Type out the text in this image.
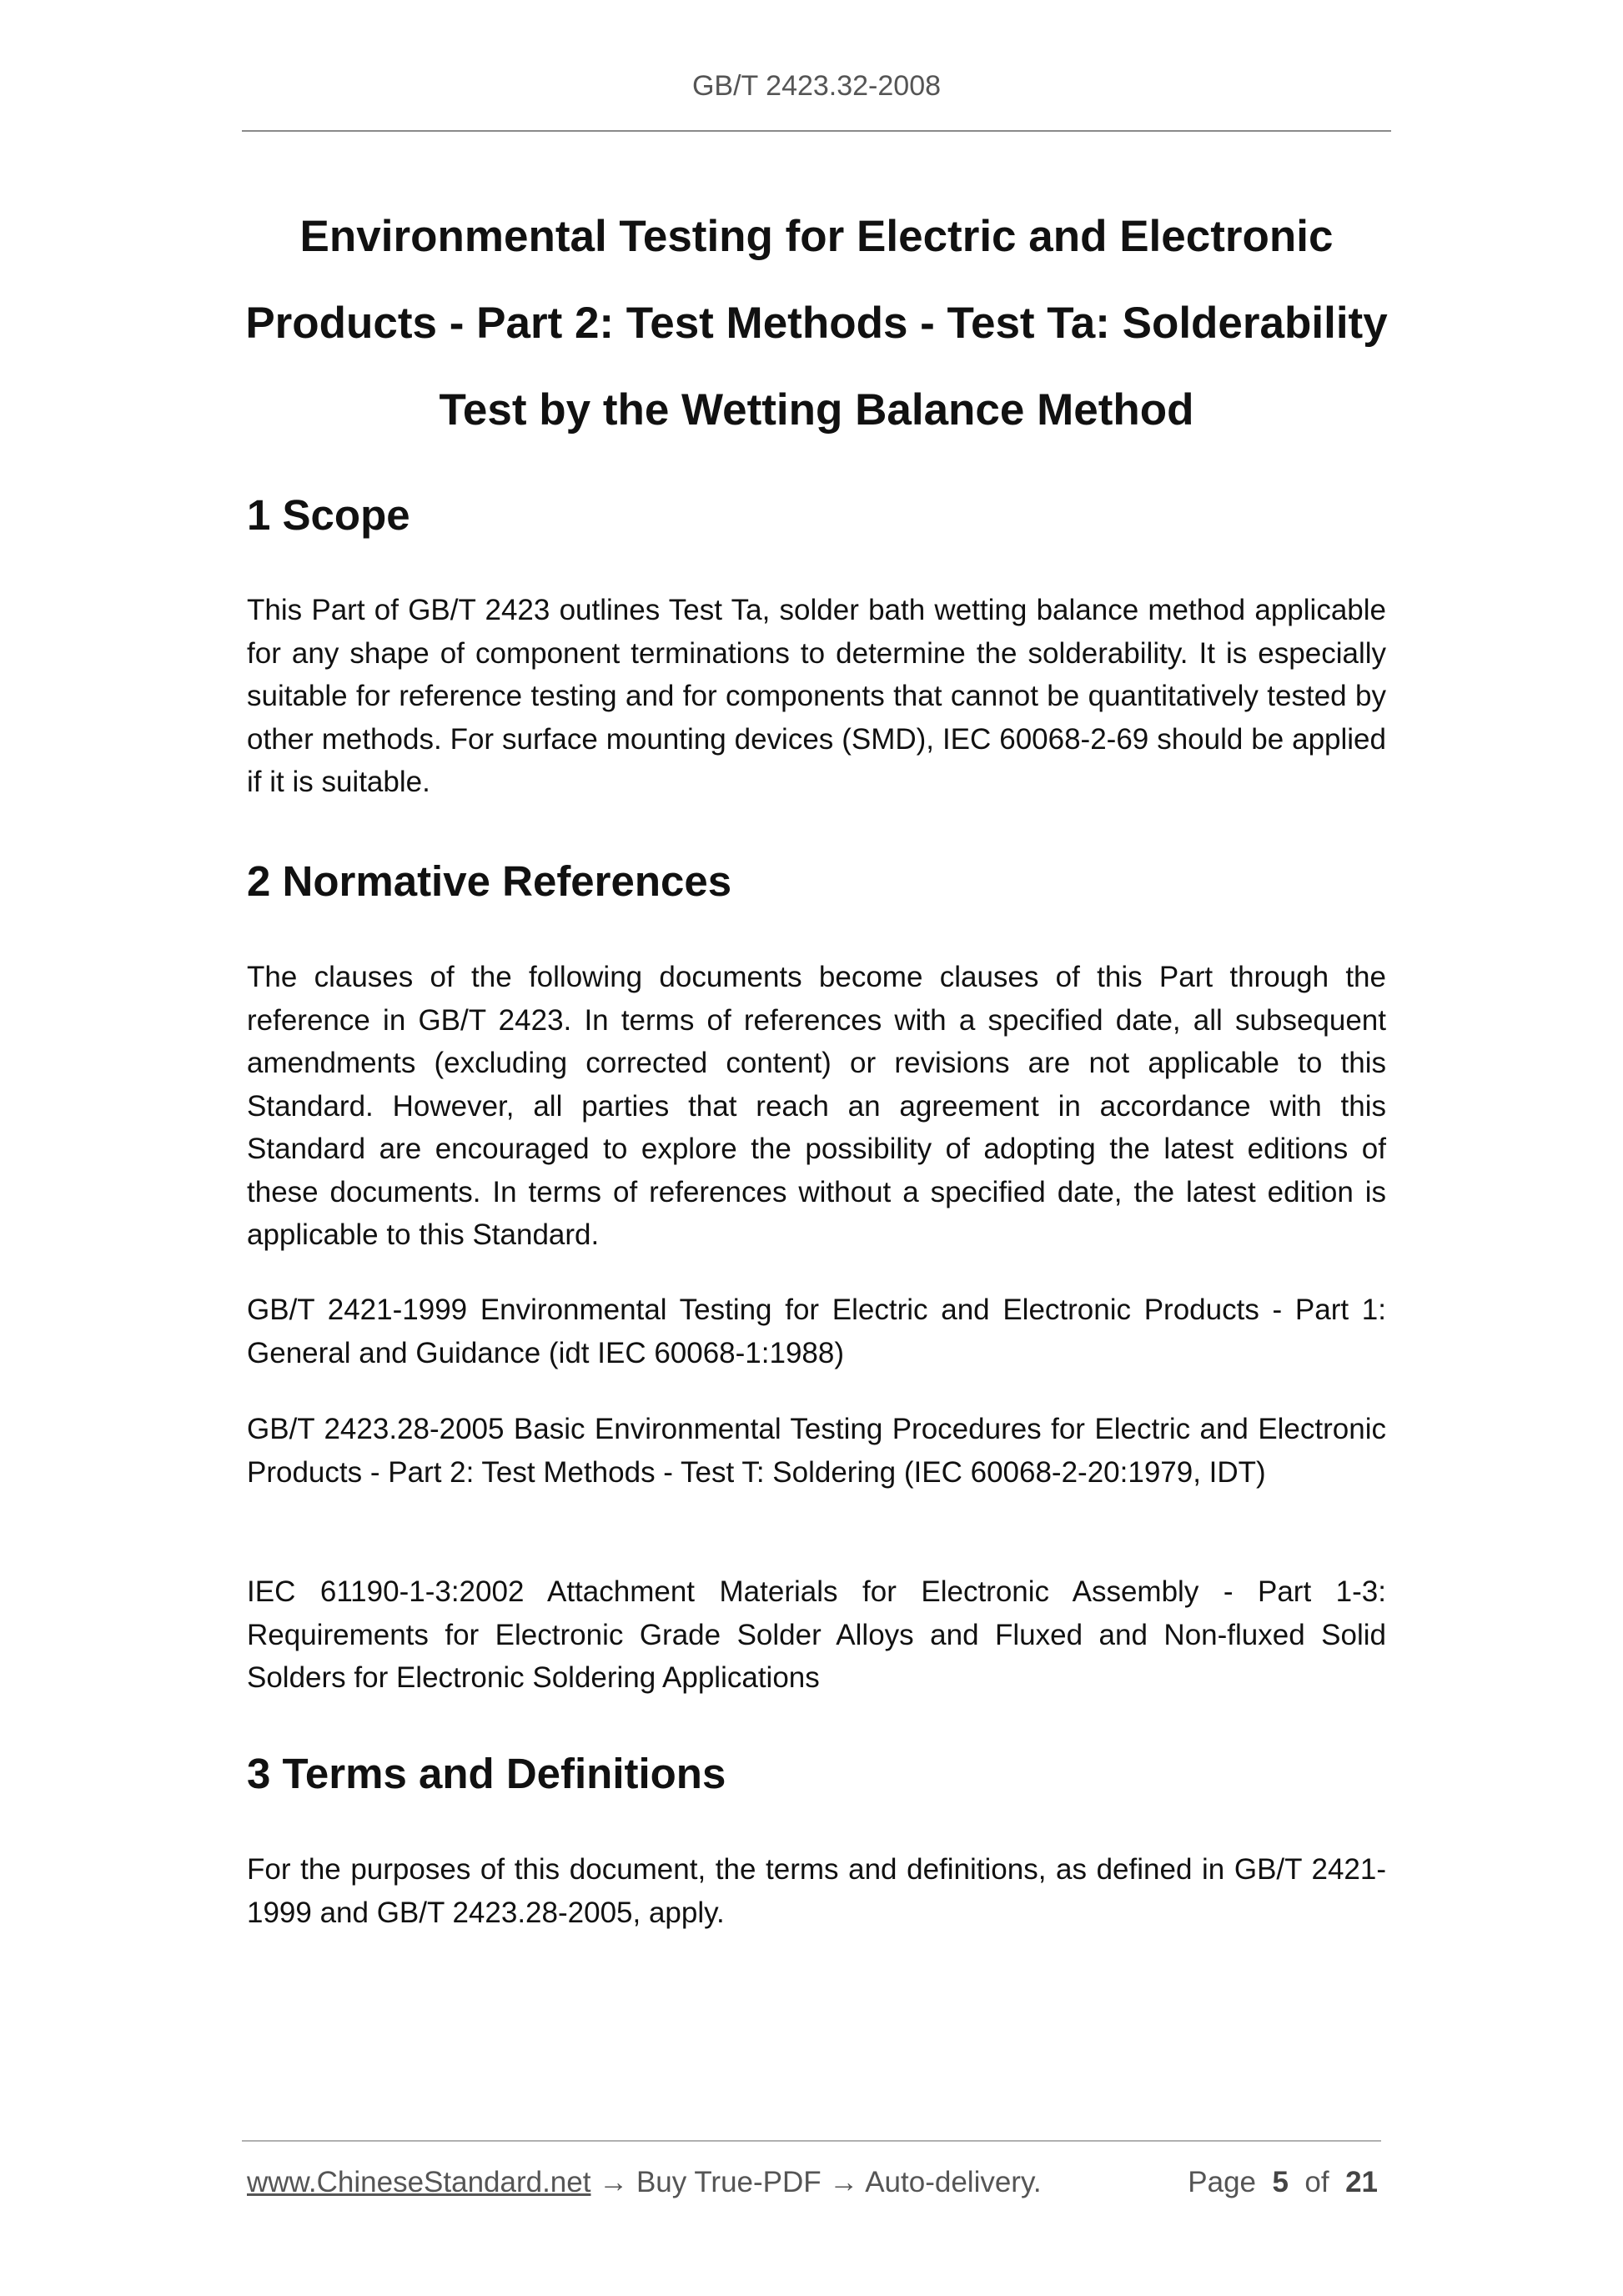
GB/T 2423.32-2008
Environmental Testing for Electric and Electronic
Products - Part 2: Test Methods - Test Ta: Solderability
Test by the Wetting Balance Method
1 Scope

This Part of GB/T 2423 outlines Test Ta, solder bath wetting balance method applicable for any shape of component terminations to determine the solderability. It is especially suitable for reference testing and for components that cannot be quantitatively tested by other methods. For surface mounting devices (SMD), IEC 60068-2-69 should be applied if it is suitable.

2 Normative References

The clauses of the following documents become clauses of this Part through the reference in GB/T 2423. In terms of references with a specified date, all subsequent amendments (excluding corrected content) or revisions are not applicable to this Standard. However, all parties that reach an agreement in accordance with this Standard are encouraged to explore the possibility of adopting the latest editions of these documents. In terms of references without a specified date, the latest edition is applicable to this Standard.

GB/T 2421-1999 Environmental Testing for Electric and Electronic Products - Part 1: General and Guidance (idt IEC 60068-1:1988)

GB/T 2423.28-2005 Basic Environmental Testing Procedures for Electric and Electronic Products - Part 2: Test Methods - Test T: Soldering (IEC 60068-2-20:1979, IDT)

IEC 61190-1-3:2002 Attachment Materials for Electronic Assembly - Part 1-3: Requirements for Electronic Grade Solder Alloys and Fluxed and Non-fluxed Solid Solders for Electronic Soldering Applications

3 Terms and Definitions

For the purposes of this document, the terms and definitions, as defined in GB/T 2421-1999 and GB/T 2423.28-2005, apply.

www.ChineseStandard.net → Buy True-PDF → Auto-delivery.	Page 5 of 21
